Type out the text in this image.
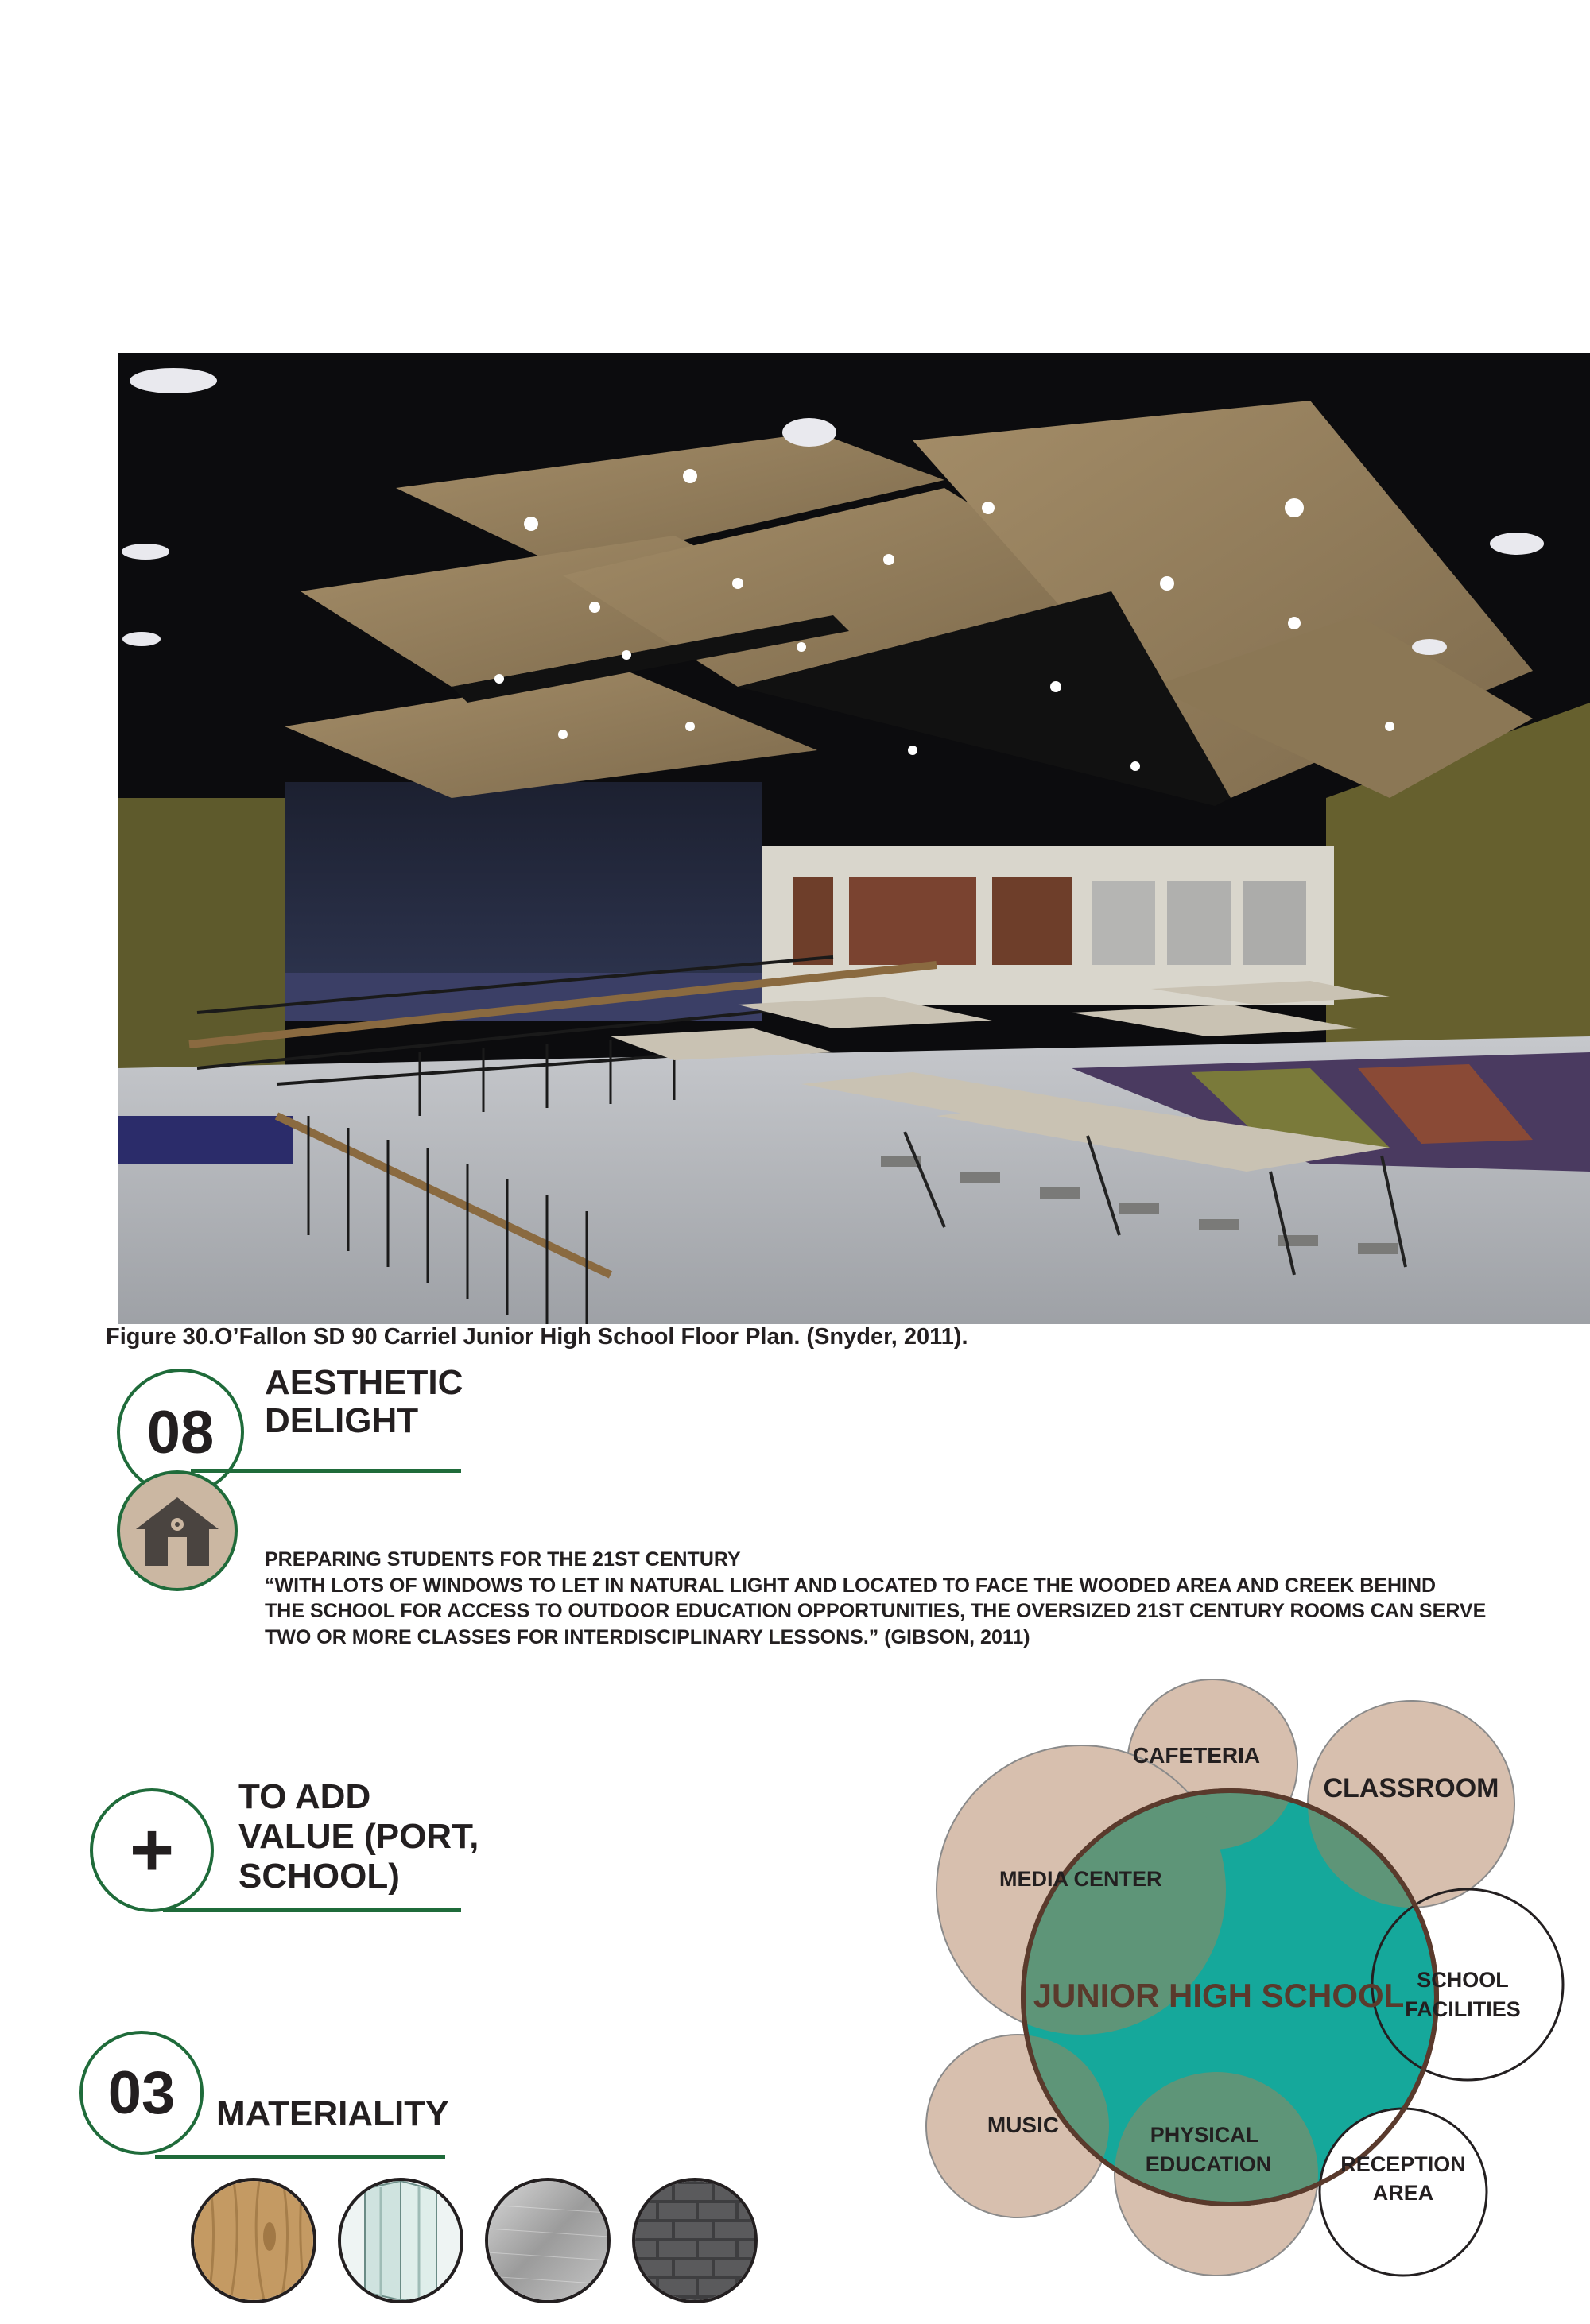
Figure 30.O’Fallon SD 90 Carriel Junior High School Floor Plan. (Snyder, 2011).
08
AESTHETIC
DELIGHT
PREPARING STUDENTS FOR THE 21ST CENTURY
“WITH LOTS OF WINDOWS TO LET IN NATURAL LIGHT AND LOCATED TO FACE THE WOODED AREA AND CREEK BEHIND
THE SCHOOL FOR ACCESS TO OUTDOOR EDUCATION OPPORTUNITIES, THE OVERSIZED 21ST CENTURY ROOMS CAN SERVE
TWO OR MORE CLASSES FOR INTERDISCIPLINARY LESSONS.” (GIBSON, 2011)
+
TO ADD
VALUE (PORT,
SCHOOL)
03	MATERIALITY
CAFETERIA
CLASSROOM
MEDIA CENTER
JUNIOR HIGH SCHOOL SCHOOL
FACILITIES
MUSIC	PHYSICAL
EDUCATION	RECEPTION
AREA
